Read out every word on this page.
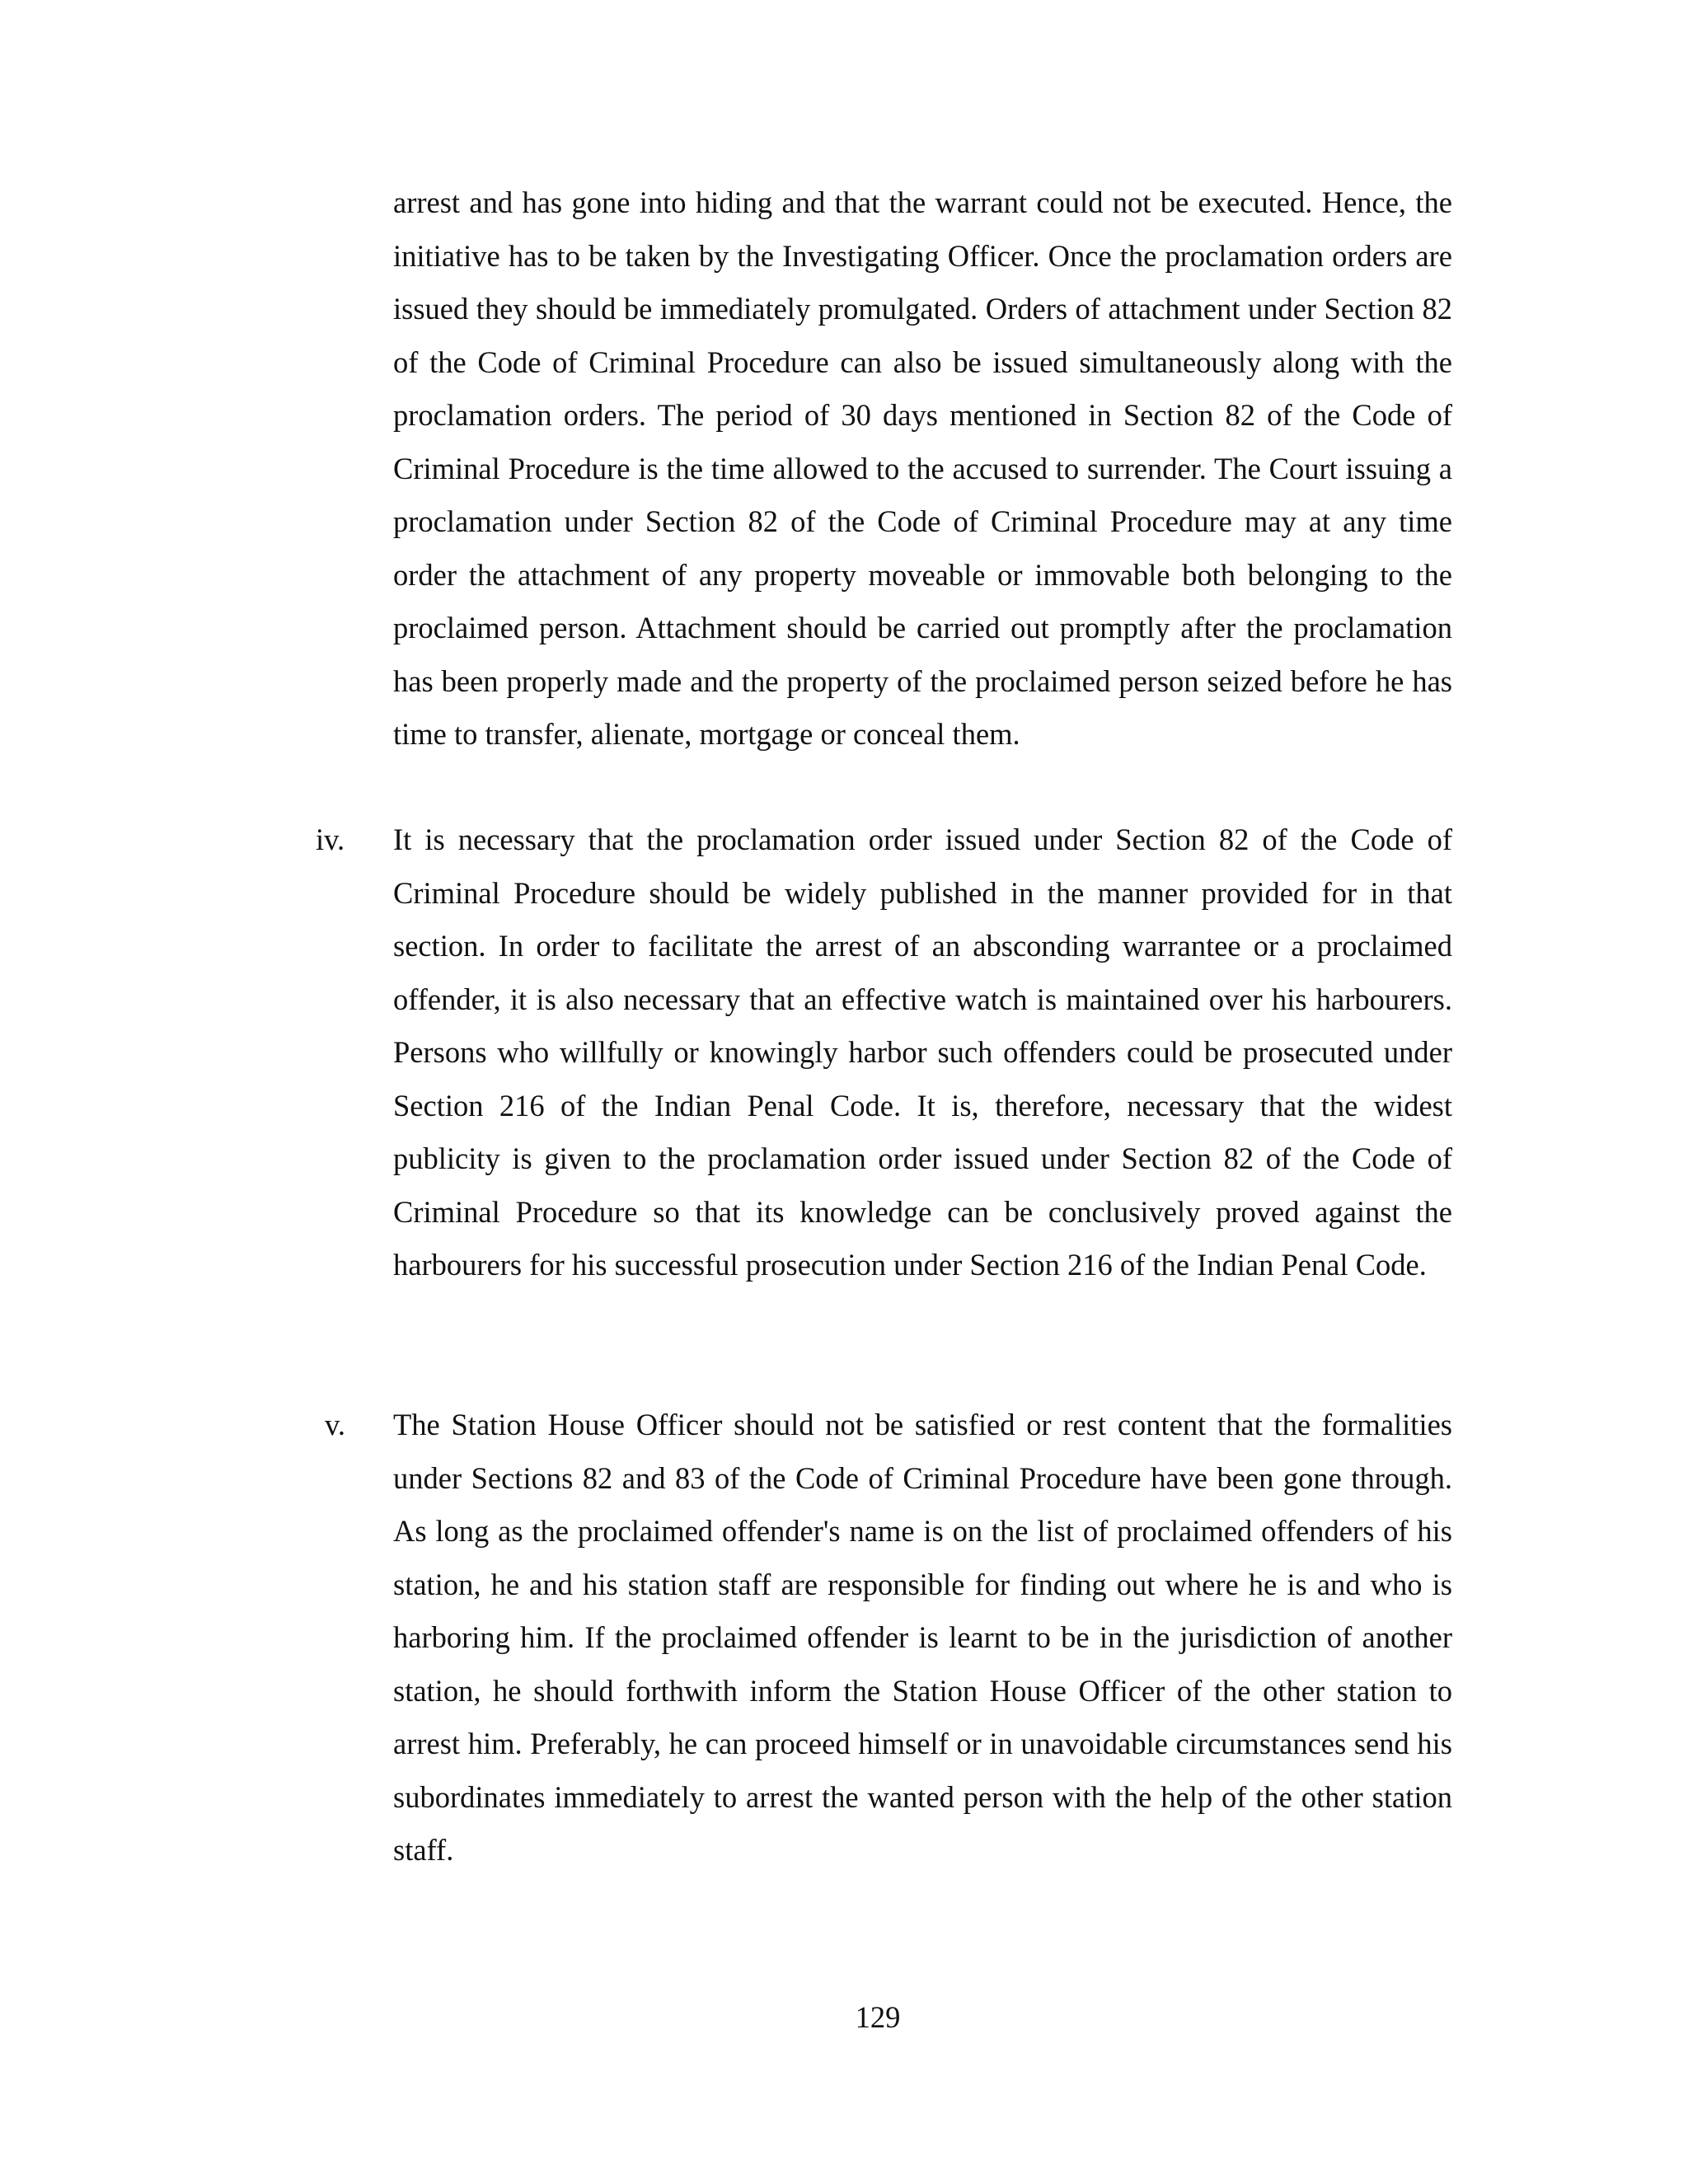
arrest and has gone into hiding and that the warrant could not be executed. Hence, the initiative has to be taken by the Investigating Officer. Once the proclamation orders are issued they should be immediately promulgated. Orders of attachment under Section 82 of the Code of Criminal Procedure can also be issued simultaneously along with the proclamation orders. The period of 30 days mentioned in Section 82 of the Code of Criminal Procedure is the time allowed to the accused to surrender. The Court issuing a proclamation under Section 82 of the Code of Criminal Procedure may at any time order the attachment of any property moveable or immovable both belonging to the proclaimed person. Attachment should be carried out promptly after the proclamation has been properly made and the property of the proclaimed person seized before he has time to transfer, alienate, mortgage or conceal them.

iv. It is necessary that the proclamation order issued under Section 82 of the Code of Criminal Procedure should be widely published in the manner provided for in that section. In order to facilitate the arrest of an absconding warrantee or a proclaimed offender, it is also necessary that an effective watch is maintained over his harbourers. Persons who willfully or knowingly harbor such offenders could be prosecuted under Section 216 of the Indian Penal Code. It is, therefore, necessary that the widest publicity is given to the proclamation order issued under Section 82 of the Code of Criminal Procedure so that its knowledge can be conclusively proved against the harbourers for his successful prosecution under Section 216 of the Indian Penal Code.

v. The Station House Officer should not be satisfied or rest content that the formalities under Sections 82 and 83 of the Code of Criminal Procedure have been gone through. As long as the proclaimed offender's name is on the list of proclaimed offenders of his station, he and his station staff are responsible for finding out where he is and who is harboring him. If the proclaimed offender is learnt to be in the jurisdiction of another station, he should forthwith inform the Station House Officer of the other station to arrest him. Preferably, he can proceed himself or in unavoidable circumstances send his subordinates immediately to arrest the wanted person with the help of the other station staff.

129
